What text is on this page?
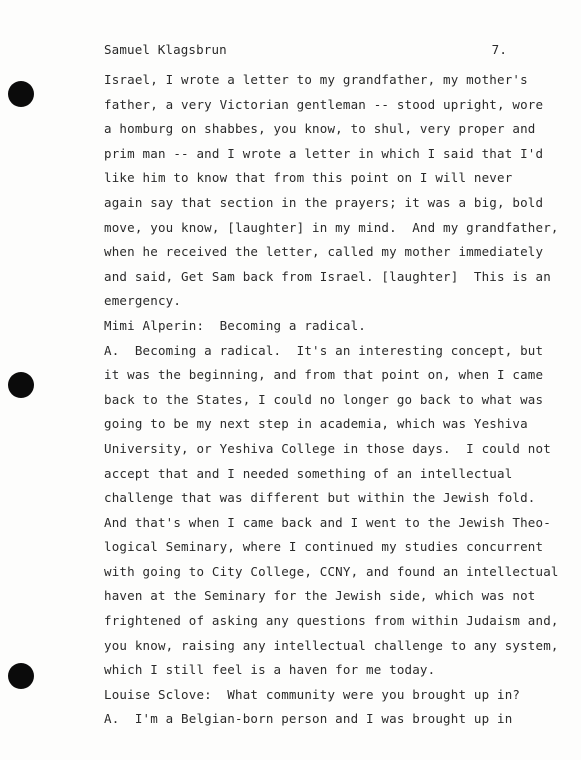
Samuel Klagsbrun	7.
Israel, I wrote a letter to my grandfather, my mother's
father, a very Victorian gentleman -- stood upright, wore
a homburg on shabbes, you know, to shul, very proper and
prim man -- and I wrote a letter in which I said that I'd
like him to know that from this point on I will never
again say that section in the prayers; it was a big, bold
move, you know, [laughter] in my mind.  And my grandfather,
when he received the letter, called my mother immediately
and said, Get Sam back from Israel. [laughter]  This is an
emergency.
Mimi Alperin:  Becoming a radical.
A.  Becoming a radical.  It's an interesting concept, but
it was the beginning, and from that point on, when I came
back to the States, I could no longer go back to what was
going to be my next step in academia, which was Yeshiva
University, or Yeshiva College in those days.  I could not
accept that and I needed something of an intellectual
challenge that was different but within the Jewish fold.
And that's when I came back and I went to the Jewish Theo-
logical Seminary, where I continued my studies concurrent
with going to City College, CCNY, and found an intellectual
haven at the Seminary for the Jewish side, which was not
frightened of asking any questions from within Judaism and,
you know, raising any intellectual challenge to any system,
which I still feel is a haven for me today.
Louise Sclove:  What community were you brought up in?
A.  I'm a Belgian-born person and I was brought up in
